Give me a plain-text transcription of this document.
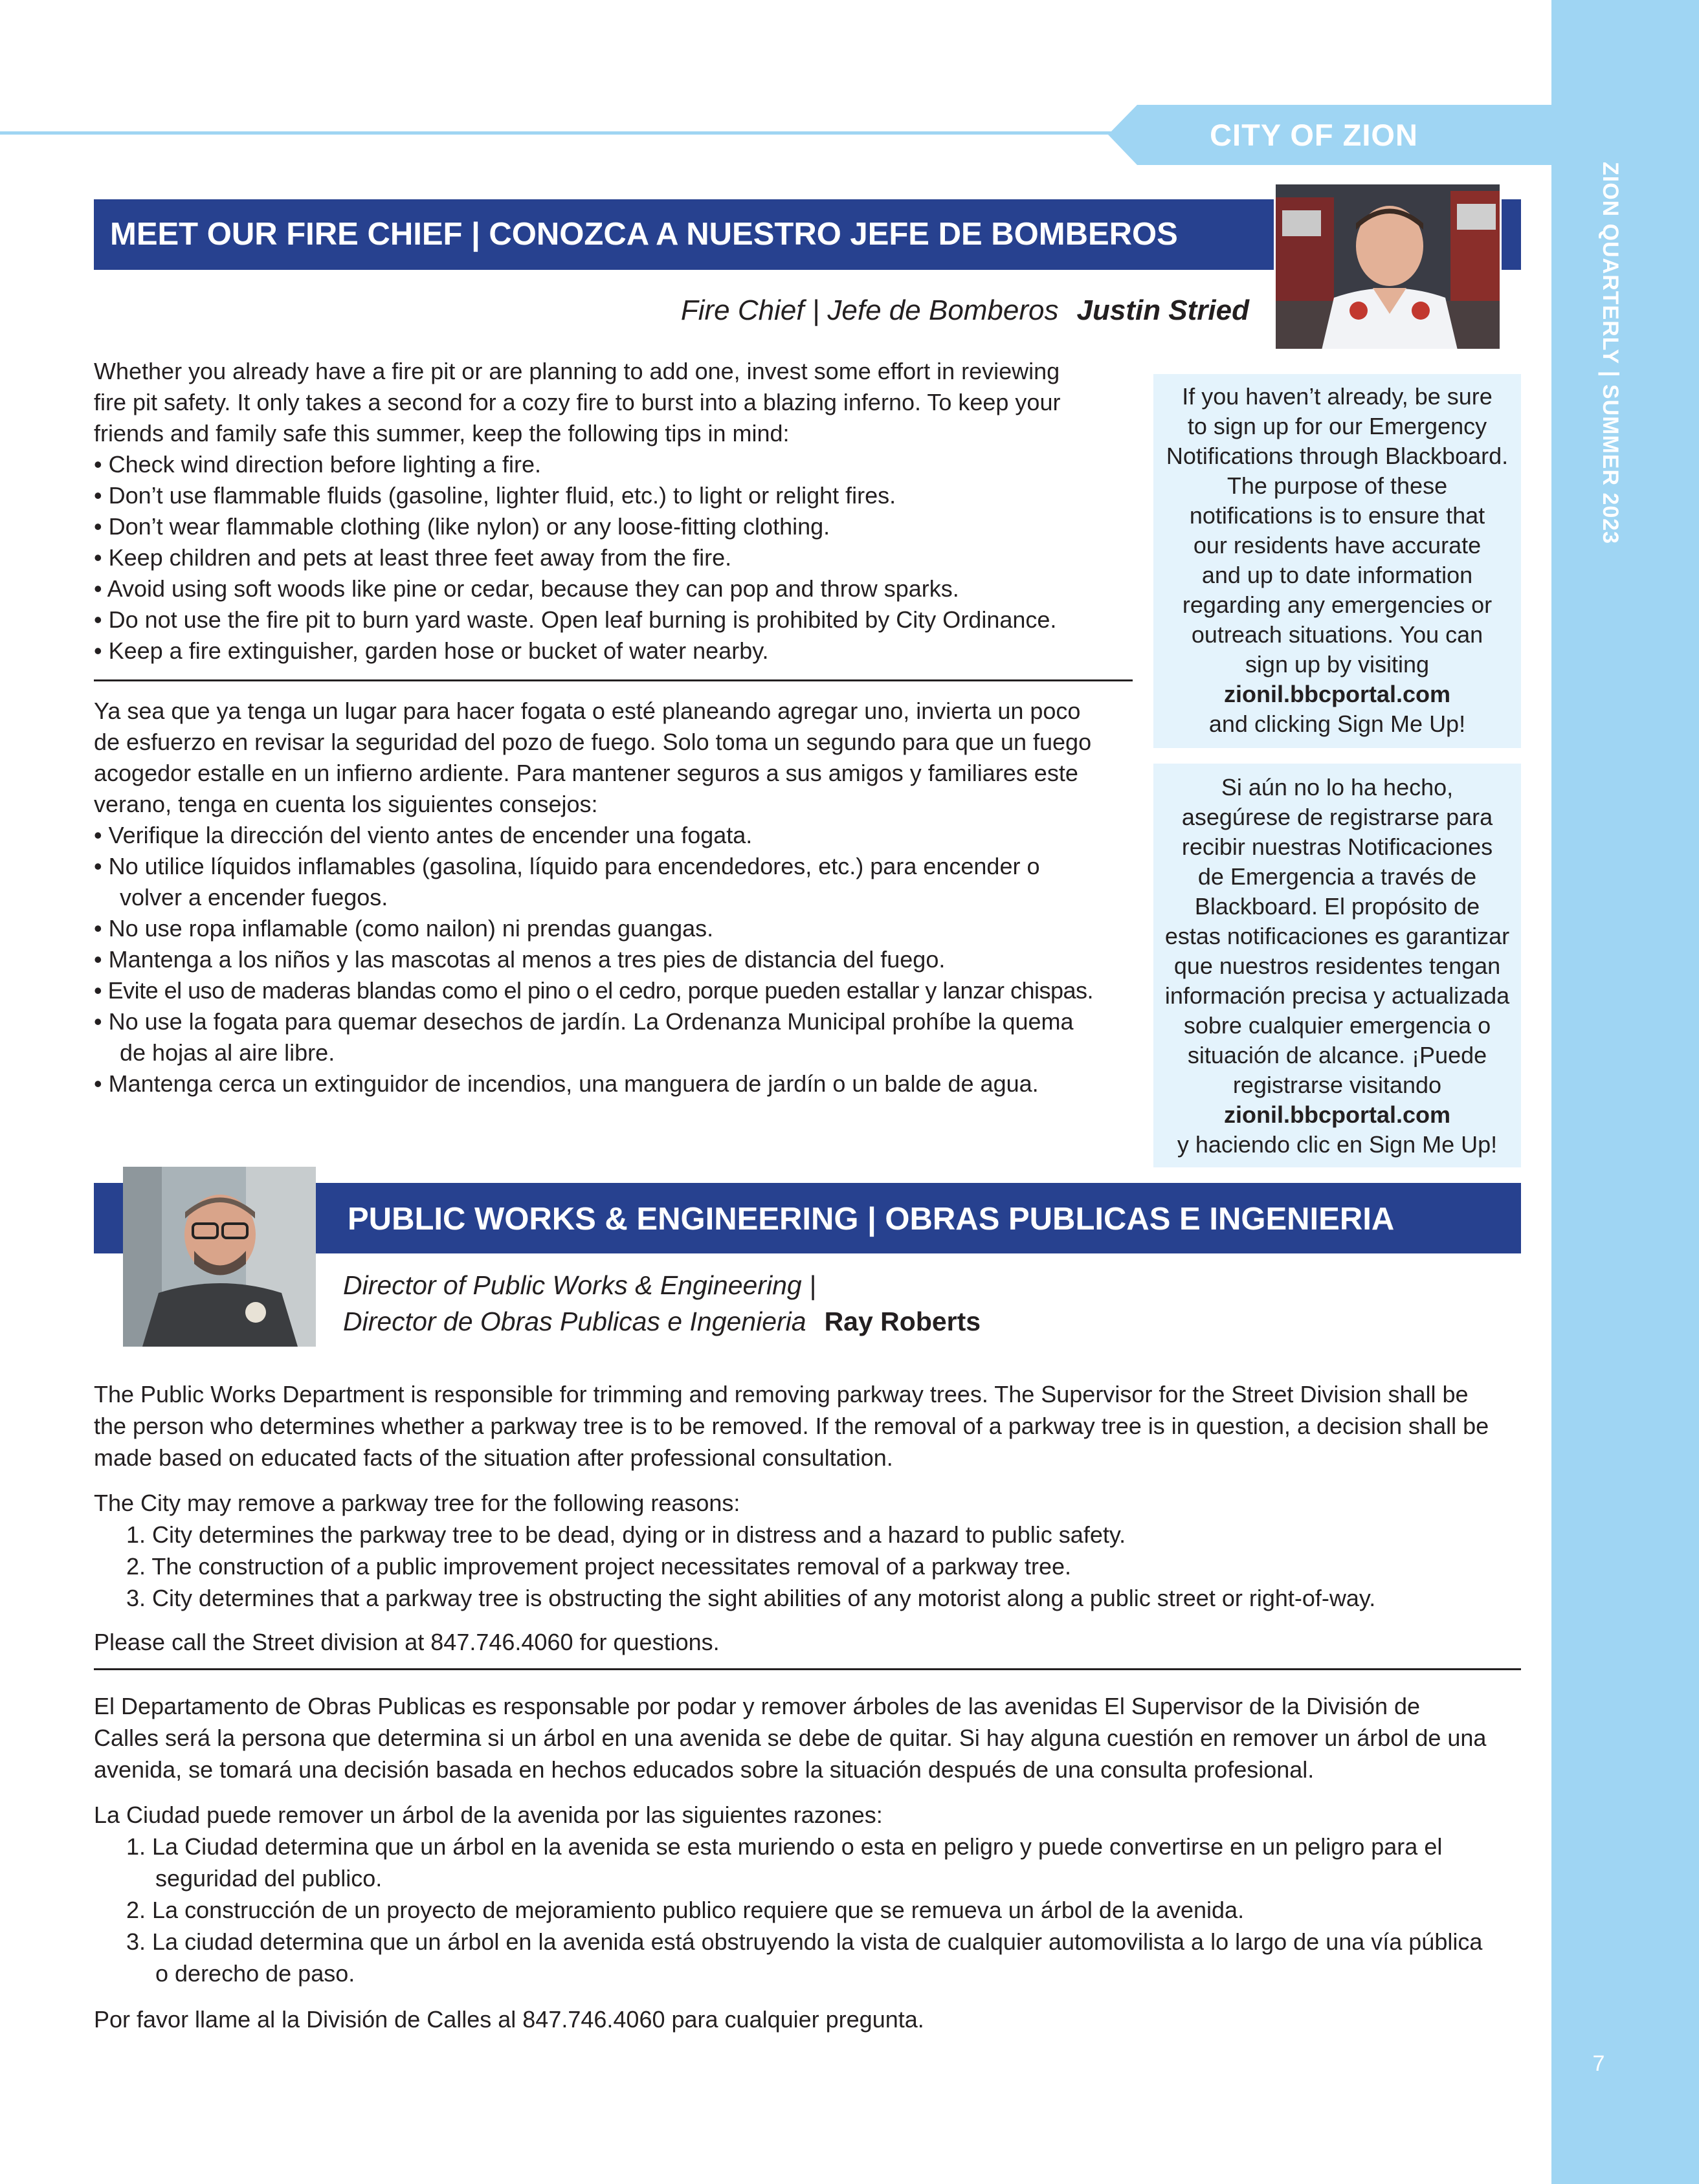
ZION QUARTERLY | SUMMER 2023
7
CITY OF ZION
MEET OUR FIRE CHIEF | CONOZCA A NUESTRO JEFE DE BOMBEROS
Fire Chief | Jefe de Bomberos Justin Stried
Whether you already have a fire pit or are planning to add one, invest some effort in reviewing
fire pit safety. It only takes a second for a cozy fire to burst into a blazing inferno. To keep your
friends and family safe this summer, keep the following tips in mind:
• Check wind direction before lighting a fire.
• Don’t use flammable fluids (gasoline, lighter fluid, etc.) to light or relight fires.
• Don’t wear flammable clothing (like nylon) or any loose-fitting clothing.
• Keep children and pets at least three feet away from the fire.
• Avoid using soft woods like pine or cedar, because they can pop and throw sparks.
• Do not use the fire pit to burn yard waste. Open leaf burning is prohibited by City Ordinance.
• Keep a fire extinguisher, garden hose or bucket of water nearby.
Ya sea que ya tenga un lugar para hacer fogata o esté planeando agregar uno, invierta un poco
de esfuerzo en revisar la seguridad del pozo de fuego. Solo toma un segundo para que un fuego
acogedor estalle en un infierno ardiente. Para mantener seguros a sus amigos y familiares este
verano, tenga en cuenta los siguientes consejos:
• Verifique la dirección del viento antes de encender una fogata.
• No utilice líquidos inflamables (gasolina, líquido para encendedores, etc.) para encender o
volver a encender fuegos.
• No use ropa inflamable (como nailon) ni prendas guangas.
• Mantenga a los niños y las mascotas al menos a tres pies de distancia del fuego.
• Evite el uso de maderas blandas como el pino o el cedro, porque pueden estallar y lanzar chispas.
• No use la fogata para quemar desechos de jardín. La Ordenanza Municipal prohíbe la quema
de hojas al aire libre.
• Mantenga cerca un extinguidor de incendios, una manguera de jardín o un balde de agua.
If you haven’t already, be sure
to sign up for our Emergency
Notifications through Blackboard.
The purpose of these
notifications is to ensure that
our residents have accurate
and up to date information
regarding any emergencies or
outreach situations. You can
sign up by visiting
zionil.bbcportal.com
and clicking Sign Me Up!
Si aún no lo ha hecho,
asegúrese de registrarse para
recibir nuestras Notificaciones
de Emergencia a través de
Blackboard. El propósito de
estas notificaciones es garantizar
que nuestros residentes tengan
información precisa y actualizada
sobre cualquier emergencia o
situación de alcance. ¡Puede
registrarse visitando
zionil.bbcportal.com
y haciendo clic en Sign Me Up!
PUBLIC WORKS & ENGINEERING | OBRAS PUBLICAS E INGENIERIA
Director of Public Works & Engineering |
Director de Obras Publicas e Ingenieria Ray Roberts
The Public Works Department is responsible for trimming and removing parkway trees. The Supervisor for the Street Division shall be
the person who determines whether a parkway tree is to be removed. If the removal of a parkway tree is in question, a decision shall be
made based on educated facts of the situation after professional consultation.
The City may remove a parkway tree for the following reasons:
1. City determines the parkway tree to be dead, dying or in distress and a hazard to public safety.
2. The construction of a public improvement project necessitates removal of a parkway tree.
3. City determines that a parkway tree is obstructing the sight abilities of any motorist along a public street or right-of-way.
Please call the Street division at 847.746.4060 for questions.
El Departamento de Obras Publicas es responsable por podar y remover árboles de las avenidas El Supervisor de la División de
Calles será la persona que determina si un árbol en una avenida se debe de quitar. Si hay alguna cuestión en remover un árbol de una
avenida, se tomará una decisión basada en hechos educados sobre la situación después de una consulta profesional.
La Ciudad puede remover un árbol de la avenida por las siguientes razones:
1. La Ciudad determina que un árbol en la avenida se esta muriendo o esta en peligro y puede convertirse en un peligro para el
seguridad del publico.
2. La construcción de un proyecto de mejoramiento publico requiere que se remueva un árbol de la avenida.
3. La ciudad determina que un árbol en la avenida está obstruyendo la vista de cualquier automovilista a lo largo de una vía pública
o derecho de paso.
Por favor llame al la División de Calles al 847.746.4060 para cualquier pregunta.
